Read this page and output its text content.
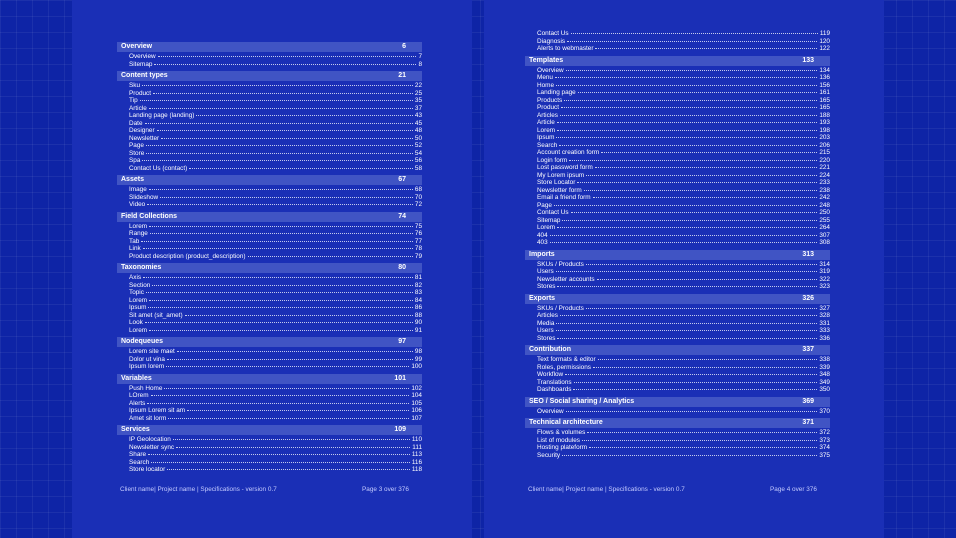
Overview	6
Overview	7
Sitemap	8
Content types	21
Sku	22
Product	25
Tip	35
Article	37
Landing page (landing)	43
Date	45
Designer	48
Newsletter	50
Page	52
Store	54
Spa	56
Contact Us (contact)	58
Assets	67
Image	68
Slideshow	70
Video	72
Field Collections	74
Lorem	75
Range	76
Tab	77
Link	78
Product description (product_description)	79
Taxonomies	80
Axis	81
Section	82
Topic	83
Lorem	84
Ipsum	86
Sit amet (sit_amet)	88
Look	90
Lorem	91
Nodequeues	97
Lorem site maet	98
Dolor ut vina	99
Ipsum lorem	100
Variables	101
Push Home	102
LOrem	104
Alerts	105
Ipsum Lorem sit am	106
Amet sit lorm	107
Services	109
IP Geolocation	110
Newsletter sync	111
Share	113
Search	116
Store locator	118
Client name| Project name | Specifications - version 0.7	Page 3 over 376
Contact Us	119
Diagnosis	120
Alerts to webmaster	122
Templates	133
Overview	134
Menu	136
Home	156
Landing page	161
Products	165
Product	165
Articles	188
Article	193
Lorem	198
Ipsum	203
Search	206
Account creation form	215
Login form	220
Lost password form	221
My Lorem ipsum	224
Store Locator	233
Newsletter form	238
Email a friend form	242
Page	248
Contact Us	250
Sitemap	255
Lorem	264
404	307
403	308
Imports	313
SKUs / Products	314
Users	319
Newsletter accounts	322
Stores	323
Exports	326
SKUs / Products	327
Articles	328
Media	331
Users	333
Stores	336
Contribution	337
Text formats & editor	338
Roles, permissions	339
Workflow	348
Translations	349
Dashboards	350
SEO / Social sharing / Analytics	369
Overview	370
Technical architecture	371
Flows & volumes	372
List of modules	373
Hosting plateform	374
Security	375
Client name| Project name | Specifications - version 0.7	Page 4 over 376
